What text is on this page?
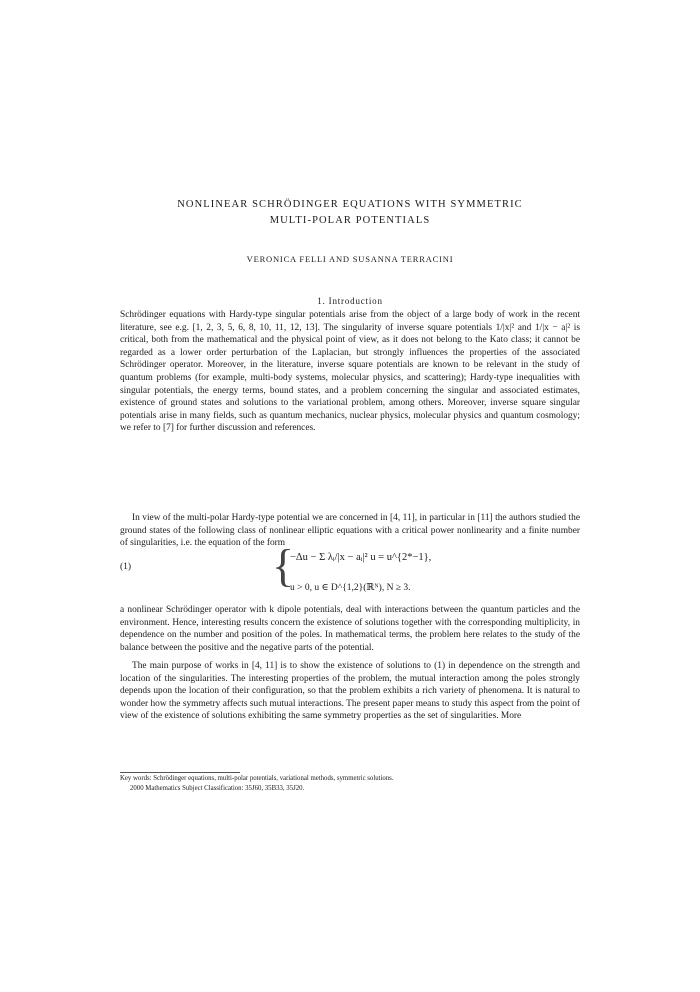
NONLINEAR SCHRÖDINGER EQUATIONS WITH SYMMETRIC
MULTI-POLAR POTENTIALS
VERONICA FELLI AND SUSANNA TERRACINI
1. Introduction

Schrödinger equations with Hardy-type singular potentials arise from the object of a large body of work in the recent literature, see e.g. [1, 2, 3, 5, 6, 8, 10, 11, 12, 13]. The singularity of inverse square potentials 1/|x|² and 1/|x − a|² is critical, both from the mathematical and the physical point of view, as it does not belong to the Kato class; it cannot be regarded as a lower order perturbation of the Laplacian, but strongly influences the properties of the associated Schrödinger operator. Moreover, in the literature, inverse square potentials are known to be relevant in the study of quantum problems (for example, multi-body systems, molecular physics, and scattering); Hardy-type inequalities with singular potentials, the energy terms, bound states, and a problem concerning the singular and associated estimates, existence of ground states and solutions to the variational problem, among others. Moreover, inverse square singular potentials arise in many fields, such as quantum mechanics, nuclear physics, molecular physics and quantum cosmology; we refer to [7] for further discussion and references.

In view of the multi-polar Hardy-type potential we are concerned in [4, 11], in particular in [11] the authors studied the ground states of the following class of nonlinear elliptic equations with a critical power nonlinearity and a finite number of singularities, i.e. the equation of the form

(1)	{
−Δu − Σ λᵢ/|x − aᵢ|² u = u^{2*−1},
u > 0, u ∈ D^{1,2}(ℝᴺ), N ≥ 3.

a nonlinear Schrödinger operator with k dipole potentials, deal with interactions between the quantum particles and the environment. Hence, interesting results concern the existence of solutions together with the corresponding multiplicity, in dependence on the number and position of the poles. In mathematical terms, the problem here relates to the study of the balance between the positive and the negative parts of the potential.

The main purpose of works in [4, 11] is to show the existence of solutions to (1) in dependence on the strength and location of the singularities. The interesting properties of the problem, the mutual interaction among the poles strongly depends upon the location of their configuration, so that the problem exhibits a rich variety of phenomena. It is natural to wonder how the symmetry affects such mutual interactions. The present paper means to study this aspect from the point of view of the existence of solutions exhibiting the same symmetry properties as the set of singularities. More

Key words: Schrödinger equations, multi-polar potentials, variational methods, symmetric solutions.
2000 Mathematics Subject Classification: 35J60, 35B33, 35J20.
